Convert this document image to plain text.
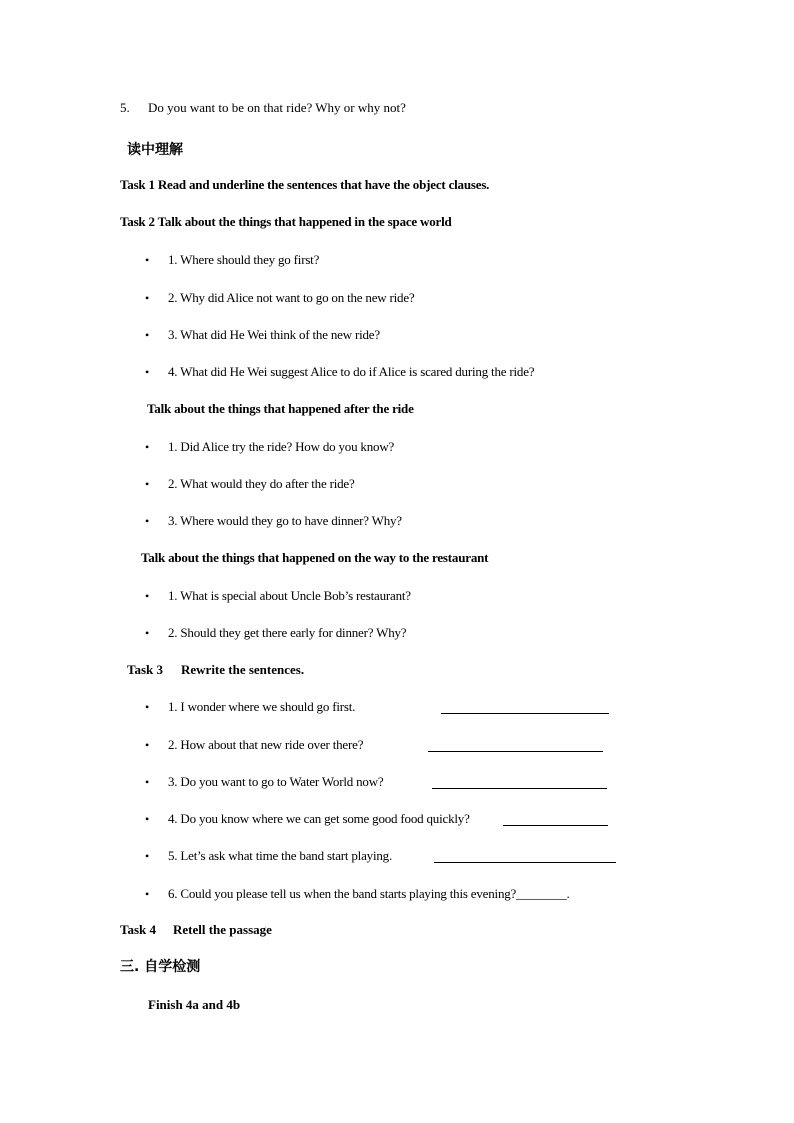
5. Do you want to be on that ride? Why or why not?
读中理解
Task 1 Read and underline the sentences that have the object clauses.
Task 2 Talk about the things that happened in the space world
• 1. Where should they go first?
• 2. Why did Alice not want to go on the new ride?
• 3. What did He Wei think of the new ride?
• 4. What did He Wei suggest Alice to do if Alice is scared during the ride?
Talk about the things that happened after the ride
• 1. Did Alice try the ride? How do you know?
• 2. What would they do after the ride?
• 3. Where would they go to have dinner? Why?
Talk about the things that happened on the way to the restaurant
• 1. What is special about Uncle Bob’s restaurant?
• 2. Should they get there early for dinner? Why?
Task 3 Rewrite the sentences.
• 1. I wonder where we should go first.
• 2. How about that new ride over there?
• 3. Do you want to go to Water World now?
• 4. Do you know where we can get some good food quickly?
• 5. Let’s ask what time the band start playing.
• 6. Could you please tell us when the band starts playing this evening?________.
Task 4 Retell the passage
三. 自学检测
Finish 4a and 4b
